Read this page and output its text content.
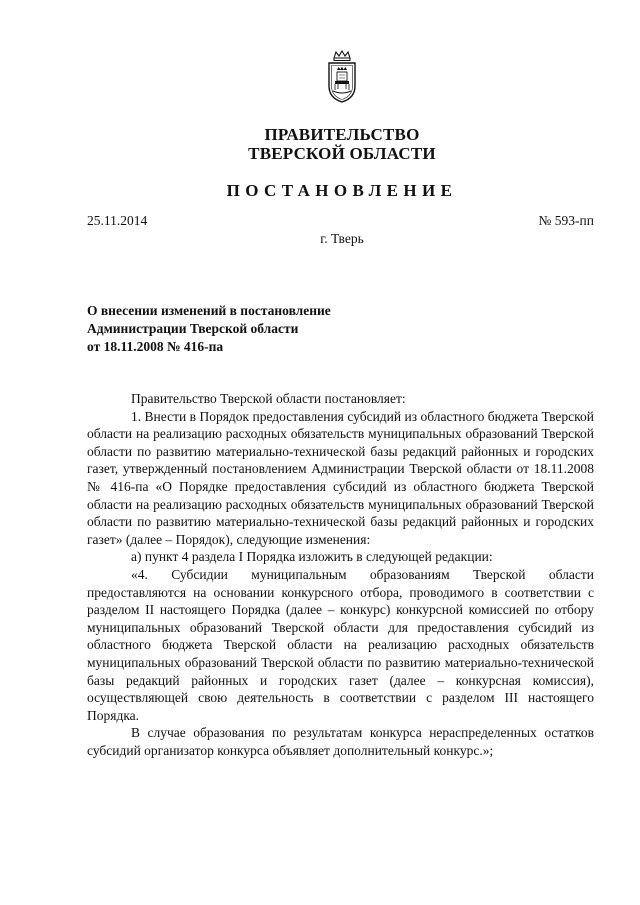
ПРАВИТЕЛЬСТВО
ТВЕРСКОЙ ОБЛАСТИ
ПОСТАНОВЛЕНИЕ
25.11.2014	№ 593-пп
г. Тверь
О внесении изменений в постановление
Администрации Тверской области
от 18.11.2008 № 416-па

Правительство Тверской области постановляет:

1. Внести в Порядок предоставления субсидий из областного бюджета Тверской области на реализацию расходных обязательств муниципальных образований Тверской области по развитию материально-технической базы редакций районных и городских газет, утвержденный постановлением Администрации Тверской области от 18.11.2008 № 416-па «О Порядке предоставления субсидий из областного бюджета Тверской области на реализацию расходных обязательств муниципальных образований Тверской области по развитию материально-технической базы редакций районных и городских газет» (далее – Порядок), следующие изменения:

а) пункт 4 раздела I Порядка изложить в следующей редакции:

«4. Субсидии муниципальным образованиям Тверской области предоставляются на основании конкурсного отбора, проводимого в соответствии с разделом II настоящего Порядка (далее – конкурс) конкурсной комиссией по отбору муниципальных образований Тверской области для предоставления субсидий из областного бюджета Тверской области на реализацию расходных обязательств муниципальных образований Тверской области по развитию материально-технической базы редакций районных и городских газет (далее – конкурсная комиссия), осуществляющей свою деятельность в соответствии с разделом III настоящего Порядка.

В случае образования по результатам конкурса нераспределенных остатков субсидий организатор конкурса объявляет дополнительный конкурс.»;
